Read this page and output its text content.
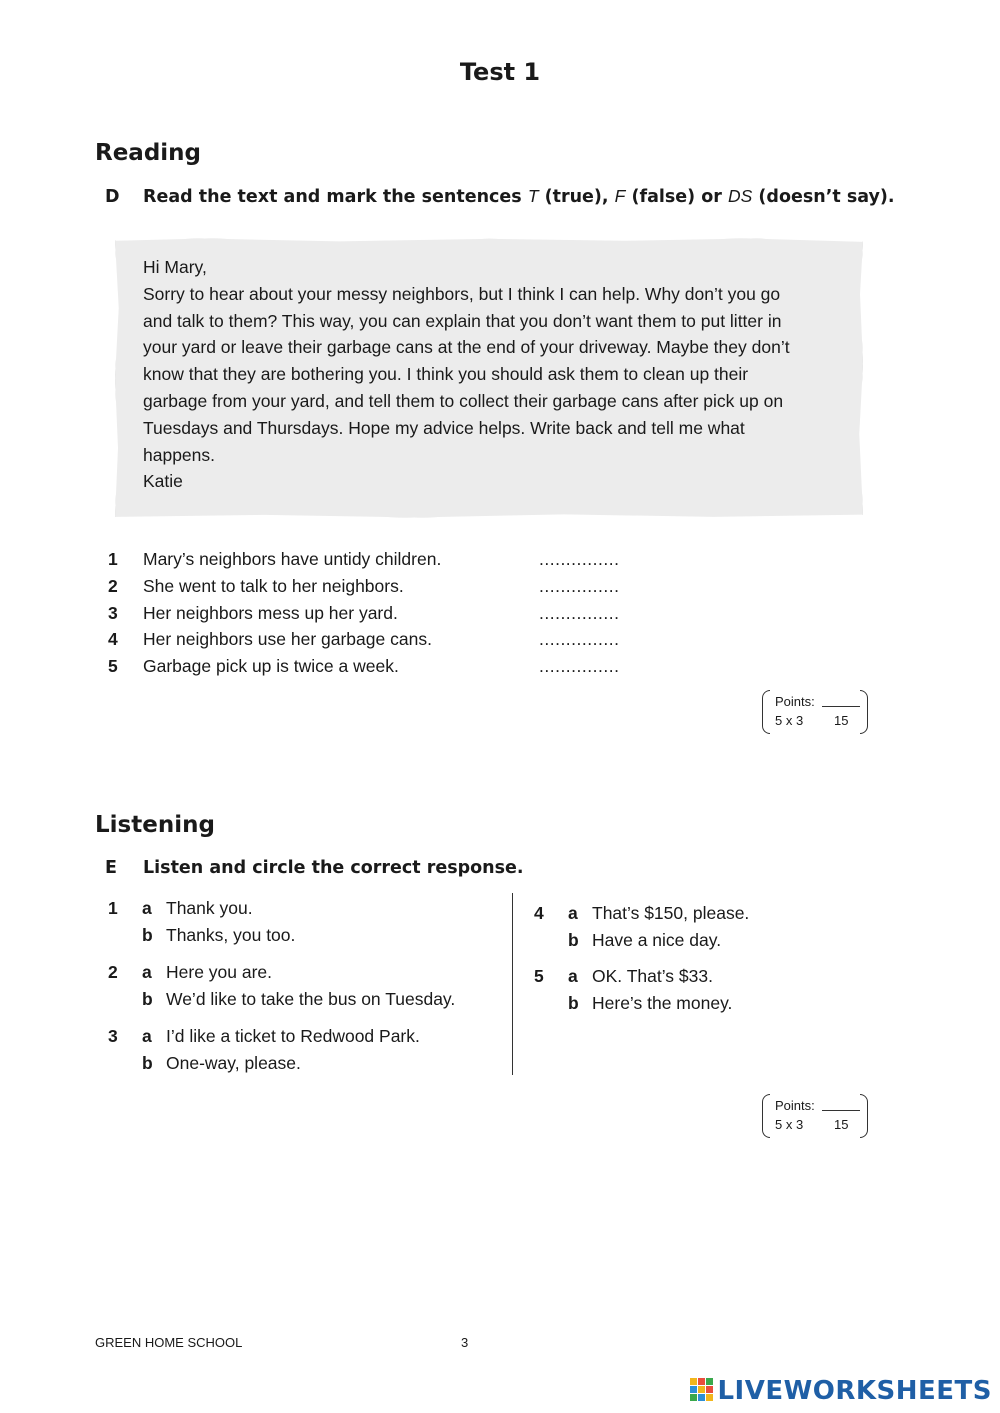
Test 1
Reading
D Read the text and mark the sentences T (true), F (false) or DS (doesn’t say).
Hi Mary,
Sorry to hear about your messy neighbors, but I think I can help. Why don’t you go
and talk to them? This way, you can explain that you don’t want them to put litter in
your yard or leave their garbage cans at the end of your driveway. Maybe they don’t
know that they are bothering you. I think you should ask them to clean up their
garbage from your yard, and tell them to collect their garbage cans after pick up on
Tuesdays and Thursdays. Hope my advice helps. Write back and tell me what
happens.
Katie
1 Mary’s neighbors have untidy children.	...............
2 She went to talk to her neighbors.	...............
3 Her neighbors mess up her yard.	...............
4 Her neighbors use her garbage cans.	...............
5 Garbage pick up is twice a week.	...............
Points:
5 x 3 15
Listening
E Listen and circle the correct response.
1 a Thank you.
b Thanks, you too.
2 a Here you are.
b We’d like to take the bus on Tuesday.
3 a I’d like a ticket to Redwood Park.
b One-way, please.
4 a That’s $150, please.
b Have a nice day.
5 a OK. That’s $33.
b Here’s the money.
Points:
5 x 3 15
GREEN HOME SCHOOL	3
LIVEWORKSHEETS
